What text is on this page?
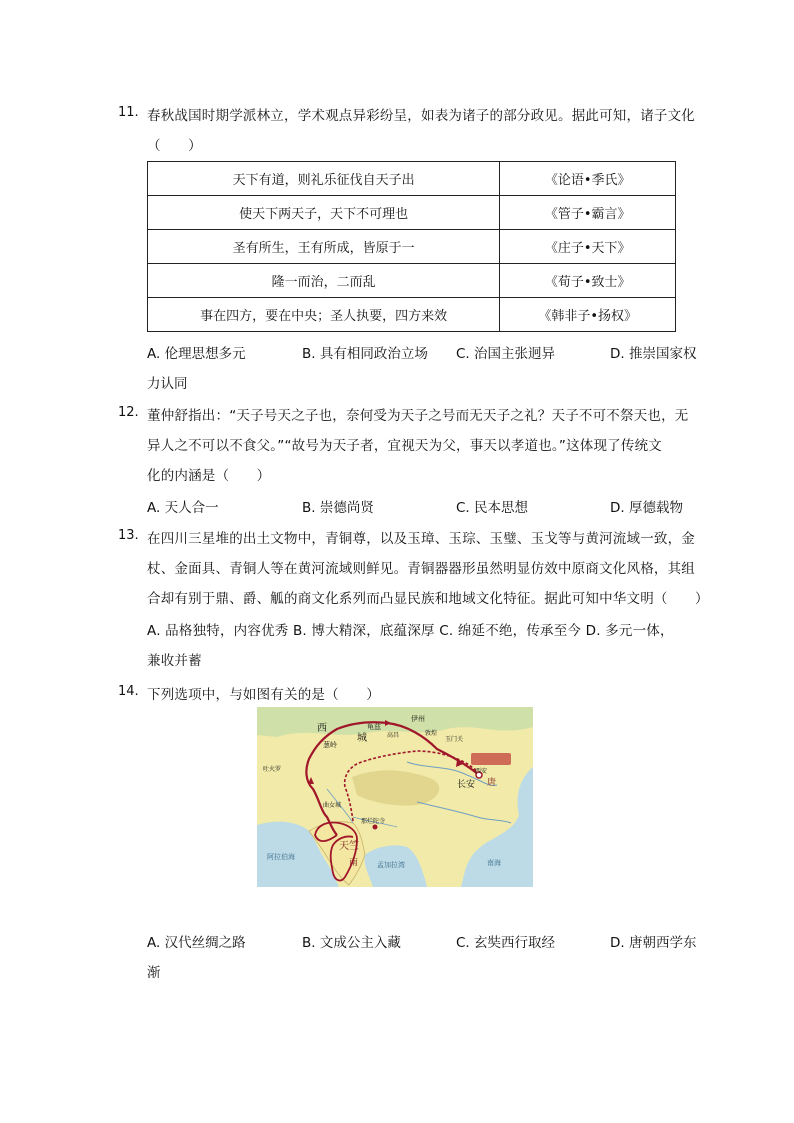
11. 春秋战国时期学派林立，学术观点异彩纷呈，如表为诸子的部分政见。据此可知，诸子文化
（　　）
天下有道，则礼乐征伐自天子出	《论语•季氏》
使天下两天子，天下不可理也	《管子•霸言》
圣有所生，王有所成，皆原于一	《庄子•天下》
隆一而治，二而乱	《荀子•致士》
事在四方，要在中央；圣人执要，四方来效	《韩非子•扬权》
A. 伦理思想多元	B. 具有相同政治立场 C. 治国主张迥异	D. 推崇国家权
力认同
12. 董仲舒指出：“天子号天之子也，奈何受为天子之号而无天子之礼？天子不可不祭天也，无
异人之不可以不食父。”“故号为天子者，宜视天为父，事天以孝道也。”这体现了传统文
化的内涵是（　　）
A. 天人合一	B. 崇德尚贤	C. 民本思想	D. 厚德载物
13. 在四川三星堆的出土文物中，青铜尊，以及玉璋、玉琮、玉璧、玉戈等与黄河流域一致，金
杖、金面具、青铜人等在黄河流域则鲜见。青铜器器形虽然明显仿效中原商文化风格，其组
合却有别于鼎、爵、觚的商文化系列而凸显民族和地域文化特征。据此可知中华文明（　　）
A. 品格独特，内容优秀 B. 博大精深，底蕴深厚 C. 绵延不绝，传承至今 D. 多元一体，
兼收并蓄
14. 下列选项中，与如图有关的是（　　）
唐
长安
西安
龟兹
伊州
高昌	敦煌
玉门关
西
城
葱岭
吐火罗
曲女城
那烂陀寺
天竺
阿拉伯海
孟加拉湾	南海
南
A. 汉代丝绸之路	B. 文成公主入藏	C. 玄奘西行取经	D. 唐朝西学东
渐
